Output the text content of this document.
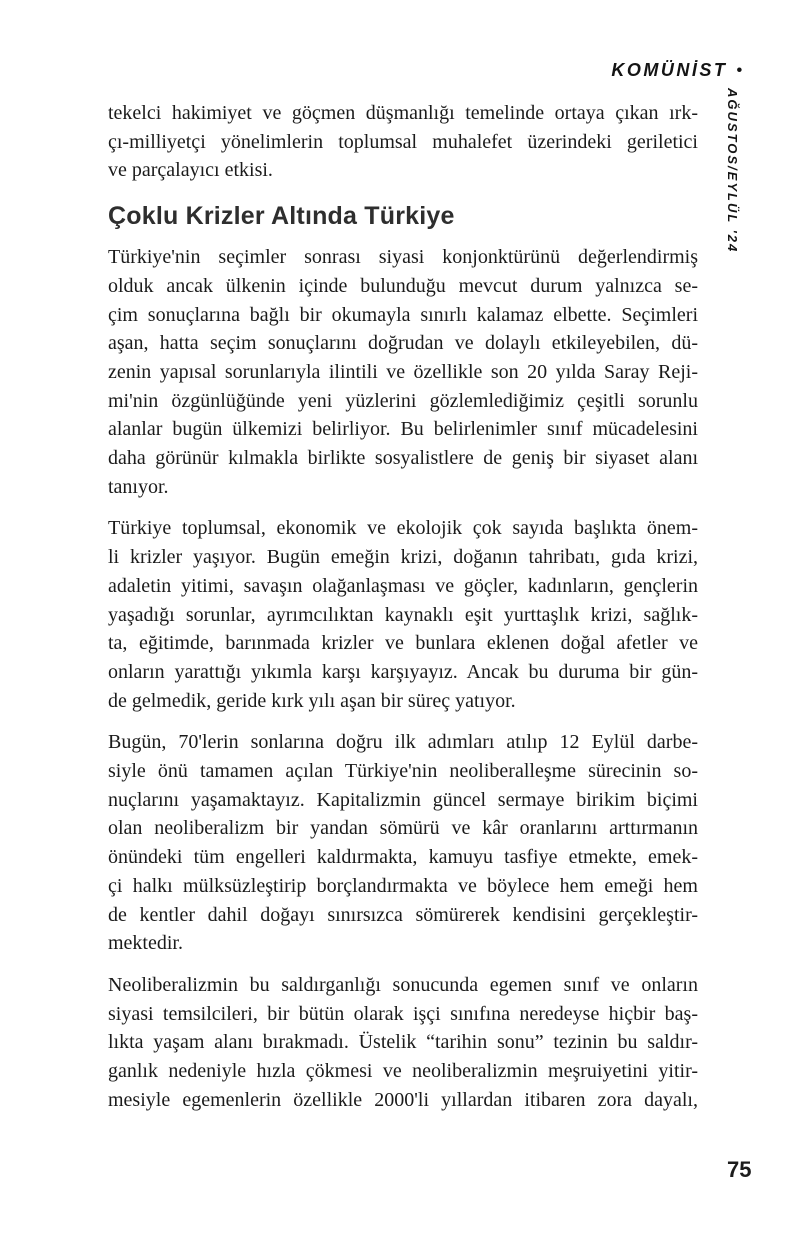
KOMÜNİST •
AĞUSTOS/EYLÜL '24
tekelci hakimiyet ve göçmen düşmanlığı temelinde ortaya çıkan ırk-
çı-milliyetçi yönelimlerin toplumsal muhalefet üzerindeki geriletici
ve parçalayıcı etkisi.
Çoklu Krizler Altında Türkiye
Türkiye'nin seçimler sonrası siyasi konjonktürünü değerlendirmiş
olduk ancak ülkenin içinde bulunduğu mevcut durum yalnızca se-
çim sonuçlarına bağlı bir okumayla sınırlı kalamaz elbette. Seçimleri
aşan, hatta seçim sonuçlarını doğrudan ve dolaylı etkileyebilen, dü-
zenin yapısal sorunlarıyla ilintili ve özellikle son 20 yılda Saray Reji-
mi'nin özgünlüğünde yeni yüzlerini gözlemlediğimiz çeşitli sorunlu
alanlar bugün ülkemizi belirliyor. Bu belirlenimler sınıf mücadelesini
daha görünür kılmakla birlikte sosyalistlere de geniş bir siyaset alanı
tanıyor.
Türkiye toplumsal, ekonomik ve ekolojik çok sayıda başlıkta önem-
li krizler yaşıyor. Bugün emeğin krizi, doğanın tahribatı, gıda krizi,
adaletin yitimi, savaşın olağanlaşması ve göçler, kadınların, gençlerin
yaşadığı sorunlar, ayrımcılıktan kaynaklı eşit yurttaşlık krizi, sağlık-
ta, eğitimde, barınmada krizler ve bunlara eklenen doğal afetler ve
onların yarattığı yıkımla karşı karşıyayız. Ancak bu duruma bir gün-
de gelmedik, geride kırk yılı aşan bir süreç yatıyor.
Bugün, 70'lerin sonlarına doğru ilk adımları atılıp 12 Eylül darbe-
siyle önü tamamen açılan Türkiye'nin neoliberalleşme sürecinin so-
nuçlarını yaşamaktayız. Kapitalizmin güncel sermaye birikim biçimi
olan neoliberalizm bir yandan sömürü ve kâr oranlarını arttırmanın
önündeki tüm engelleri kaldırmakta, kamuyu tasfiye etmekte, emek-
çi halkı mülksüzleştirip borçlandırmakta ve böylece hem emeği hem
de kentler dahil doğayı sınırsızca sömürerek kendisini gerçekleştir-
mektedir.
Neoliberalizmin bu saldırganlığı sonucunda egemen sınıf ve onların
siyasi temsilcileri, bir bütün olarak işçi sınıfına neredeyse hiçbir baş-
lıkta yaşam alanı bırakmadı. Üstelik “tarihin sonu” tezinin bu saldır-
ganlık nedeniyle hızla çökmesi ve neoliberalizmin meşruiyetini yitir-
mesiyle egemenlerin özellikle 2000'li yıllardan itibaren zora dayalı,
75
